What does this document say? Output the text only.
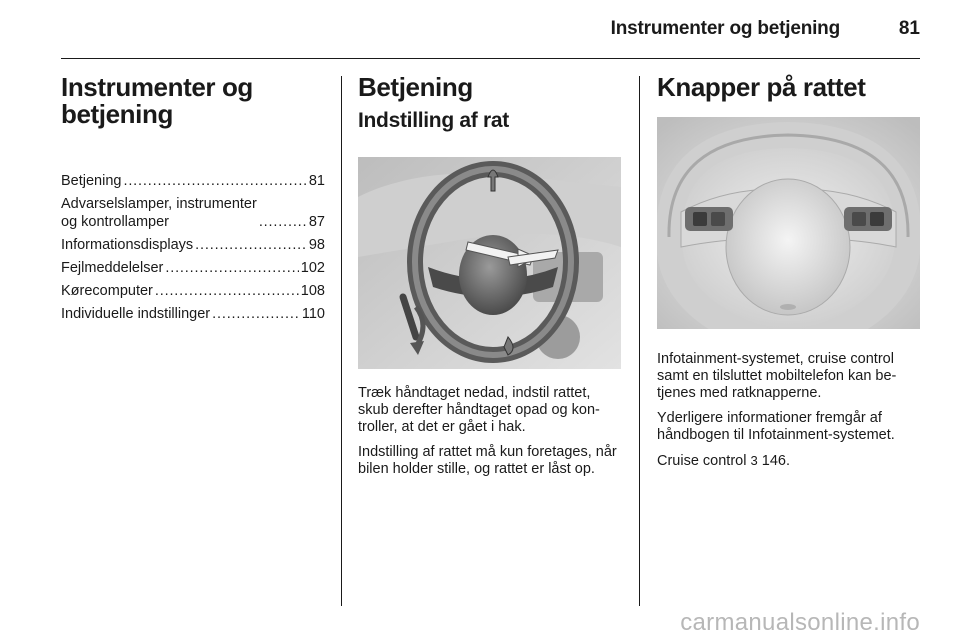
Instrumenter og betjening	81
Instrumenter og betjening
Betjening . . .	81
Advarselslamper, instrumenter
og kontrollamper . . .	87
Informationsdisplays . . .	98
Fejlmeddelelser . . .	102
Kørecomputer . . .	108
Individuelle indstillinger . . .	110
Betjening
Indstilling af rat

Træk håndtaget nedad, indstil rattet, skub derefter håndtaget opad og kontroller, at det er gået i hak.

Indstilling af rattet må kun foretages, når bilen holder stille, og rattet er låst op.

Knapper på rattet

Infotainment-systemet, cruise control samt en tilsluttet mobiltelefon kan betjenes med ratknapperne.

Yderligere informationer fremgår af håndbogen til Infotainment-systemet.

Cruise control 3 146.

carmanualsonline.info
